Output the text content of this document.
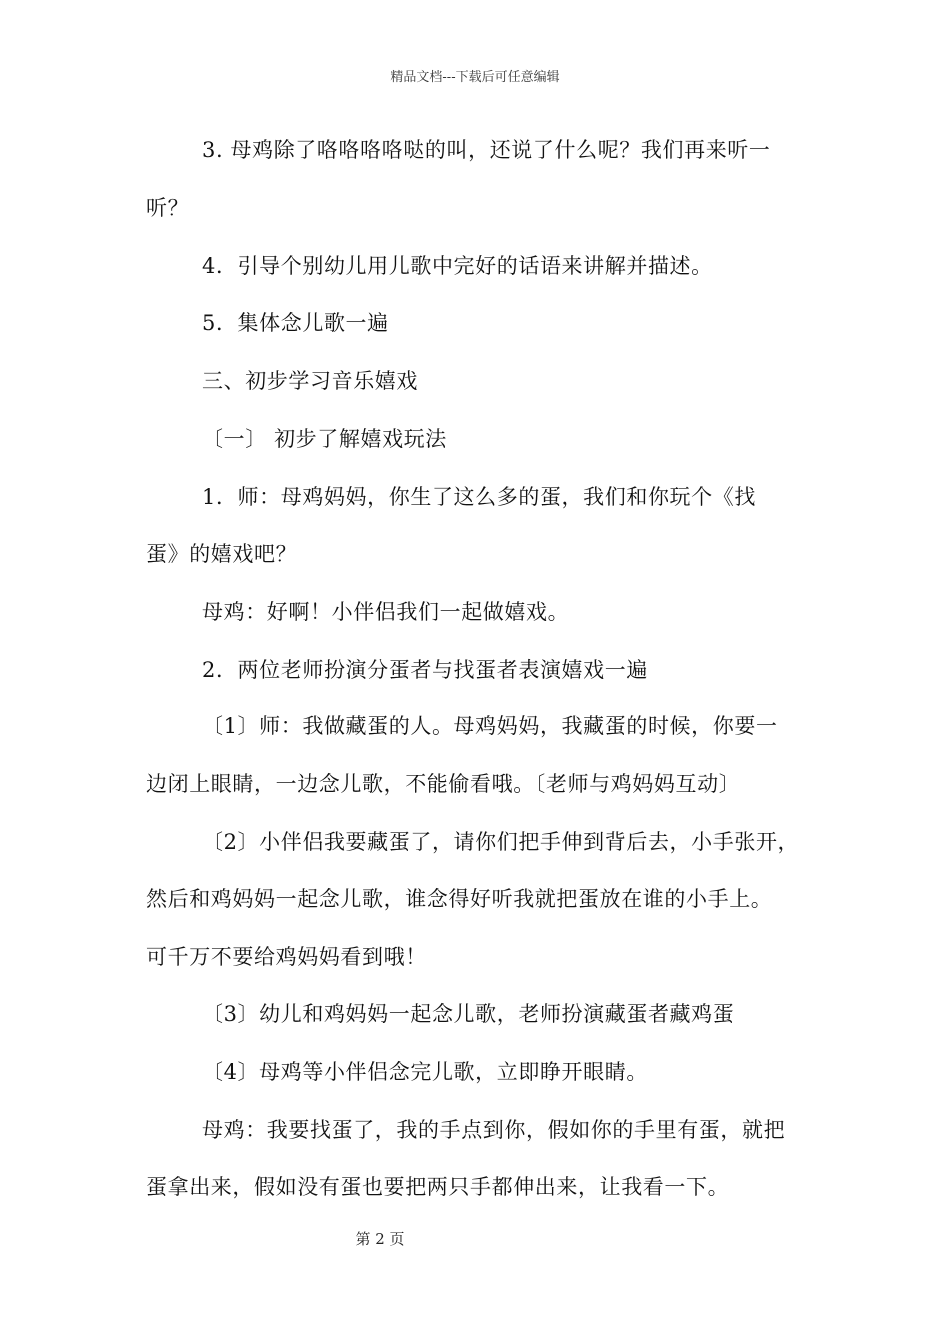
精品文档---下载后可任意编辑
3. 母鸡除了咯咯咯咯哒的叫，还说了什么呢？我们再来听一
听？
4．引导个别幼儿用儿歌中完好的话语来讲解并描述。
5．集体念儿歌一遍
三、初步学习音乐嬉戏
〔一〕 初步了解嬉戏玩法
1．师：母鸡妈妈，你生了这么多的蛋，我们和你玩个《找
蛋》的嬉戏吧？
母鸡：好啊！小伴侣我们一起做嬉戏。
2．两位老师扮演分蛋者与找蛋者表演嬉戏一遍
〔1〕师：我做藏蛋的人。母鸡妈妈，我藏蛋的时候，你要一
边闭上眼睛，一边念儿歌，不能偷看哦。〔老师与鸡妈妈互动〕
〔2〕小伴侣我要藏蛋了，请你们把手伸到背后去，小手张开，
然后和鸡妈妈一起念儿歌，谁念得好听我就把蛋放在谁的小手上。
可千万不要给鸡妈妈看到哦！
〔3〕幼儿和鸡妈妈一起念儿歌，老师扮演藏蛋者藏鸡蛋
〔4〕母鸡等小伴侣念完儿歌，立即睁开眼睛。
母鸡：我要找蛋了，我的手点到你，假如你的手里有蛋，就把
蛋拿出来，假如没有蛋也要把两只手都伸出来，让我看一下。
第 2 页
